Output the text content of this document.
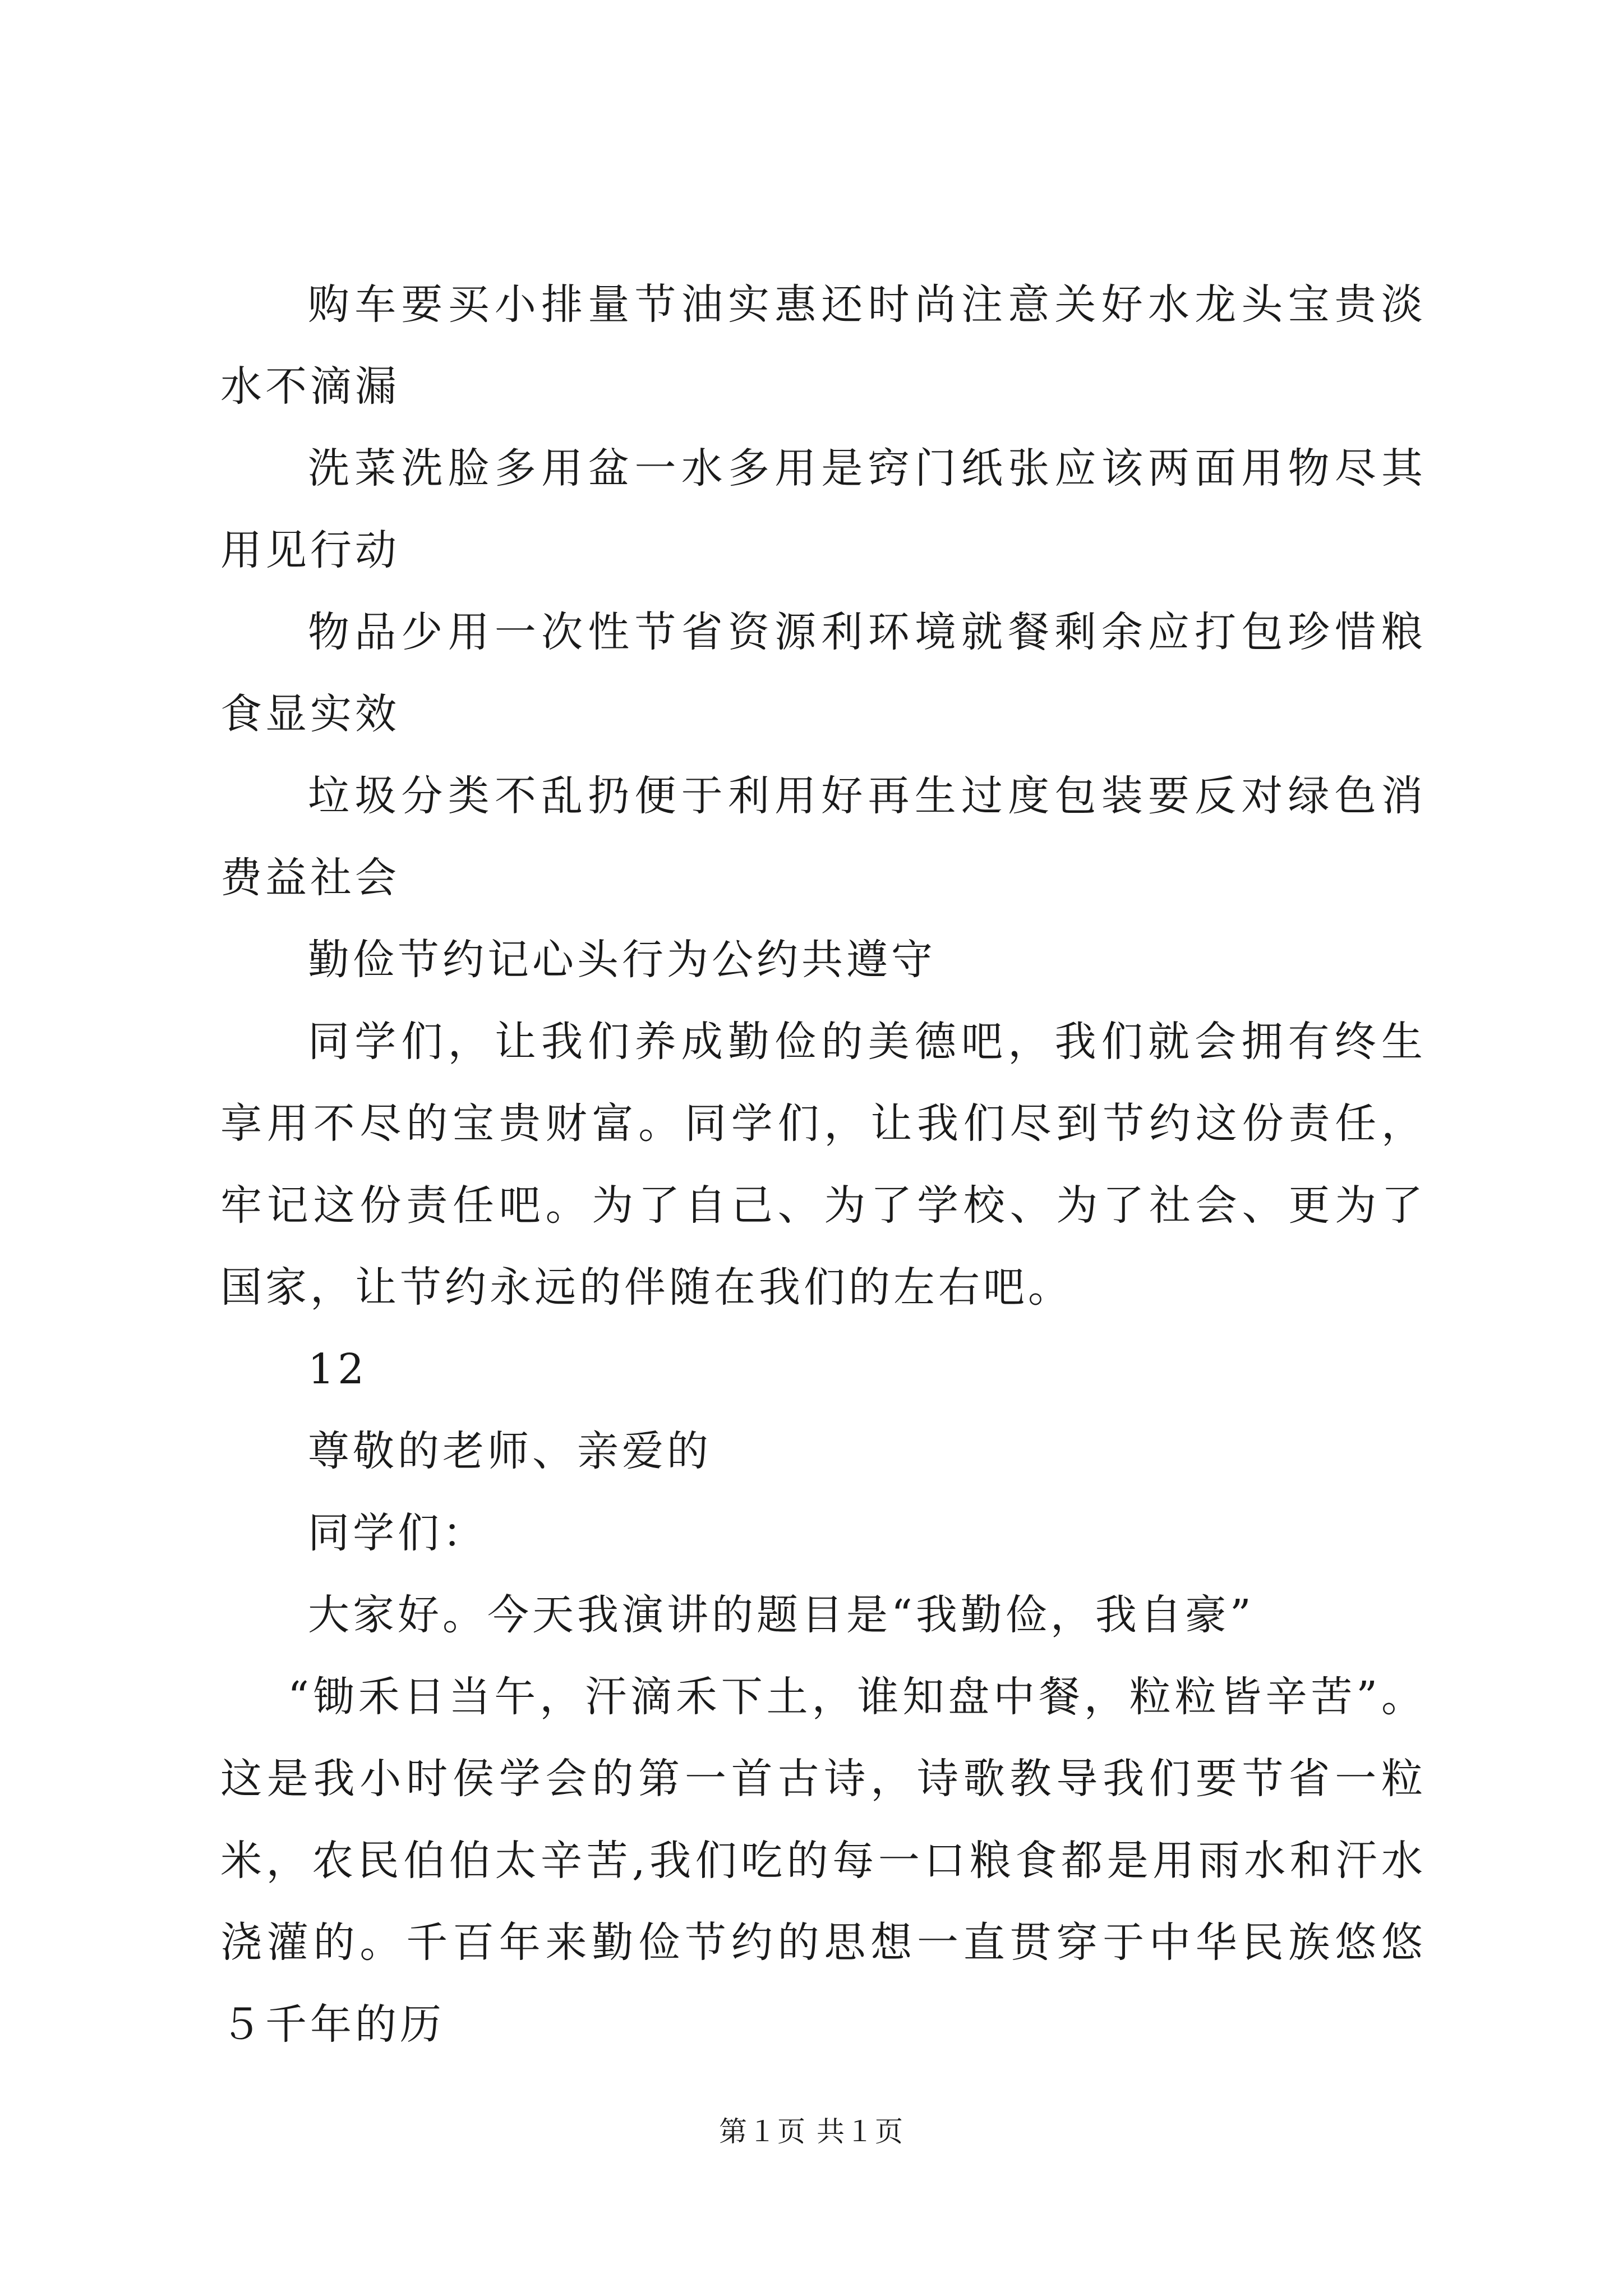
购车要买小排量节油实惠还时尚注意关好水龙头宝贵淡水不滴漏

洗菜洗脸多用盆一水多用是窍门纸张应该两面用物尽其用见行动

物品少用一次性节省资源利环境就餐剩余应打包珍惜粮食显实效

垃圾分类不乱扔便于利用好再生过度包装要反对绿色消费益社会

勤俭节约记心头行为公约共遵守

同学们，让我们养成勤俭的美德吧，我们就会拥有终生享用不尽的宝贵财富。同学们，让我们尽到节约这份责任，牢记这份责任吧。为了自己、为了学校、为了社会、更为了国家，让节约永远的伴随在我们的左右吧。

12

尊敬的老师、亲爱的

同学们：

大家好。今天我演讲的题目是“我勤俭，我自豪”

“锄禾日当午，汗滴禾下土，谁知盘中餐，粒粒皆辛苦”。这是我小时侯学会的第一首古诗，诗歌教导我们要节省一粒米，农民伯伯太辛苦,我们吃的每一口粮食都是用雨水和汗水浇灌的。千百年来勤俭节约的思想一直贯穿于中华民族悠悠５千年的历

第１页 共１页
